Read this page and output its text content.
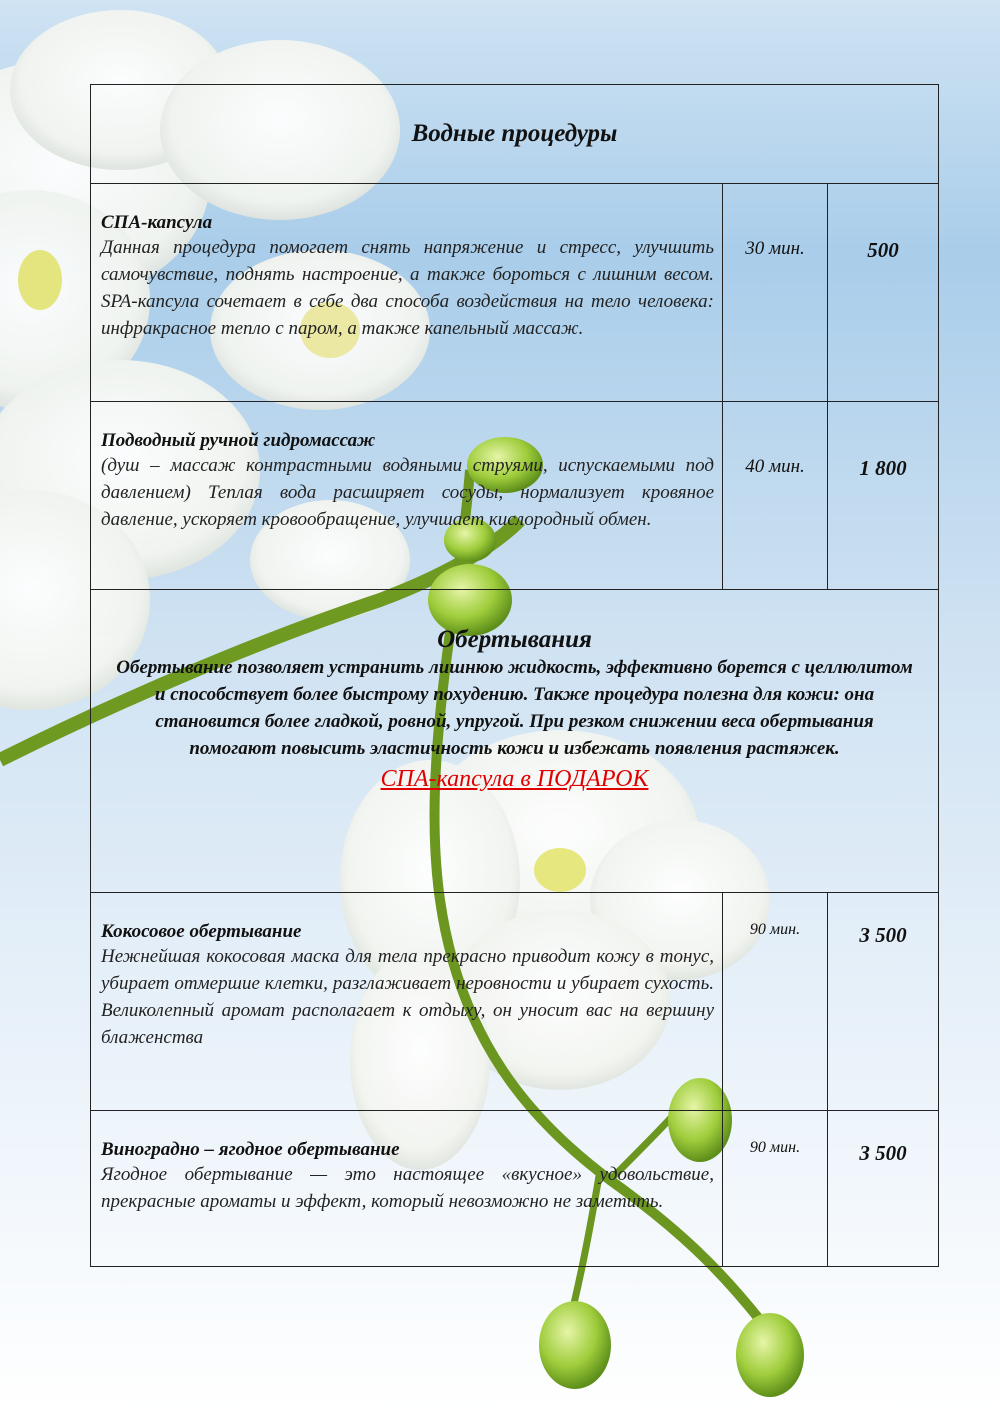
Водные процедуры		

СПА-капсула

Данная процедура помогает снять напряжение и стресс, улучшить самочувствие, поднять настроение, а также бороться с лишним весом. SPA-капсула сочетает в себе два способа воздействия на тело человека: инфракрасное тепло с паром, а также капельный массаж.	30 мин.	500

Подводный ручной гидромассаж

(душ – массаж контрастными водяными струями, испускаемыми под давлением) Теплая вода расширяет сосуды, нормализует кровяное давление, ускоряет кровообращение, улучшает кислородный обмен.	40 мин.	1 800

Обертывания
Обертывание позволяет устранить лишнюю жидкость, эффективно борется с целлюлитом и способствует более быстрому похудению. Также процедура полезна для кожи: она становится более гладкой, ровной, упругой. При резком снижении веса обертывания помогают повысить эластичность кожи и избежать появления растяжек.
СПА-капсула в ПОДАРОК		

Кокосовое обертывание

Нежнейшая кокосовая маска для тела прекрасно приводит кожу в тонус, убирает отмершие клетки, разглаживает неровности и убирает сухость. Великолепный аромат располагает к отдыху, он уносит вас на вершину блаженства	90 мин.	3 500

Виноградно – ягодное обертывание

Ягодное обертывание — это настоящее «вкусное» удовольствие, прекрасные ароматы и эффект, который невозможно не заметить.	90 мин.	3 500
